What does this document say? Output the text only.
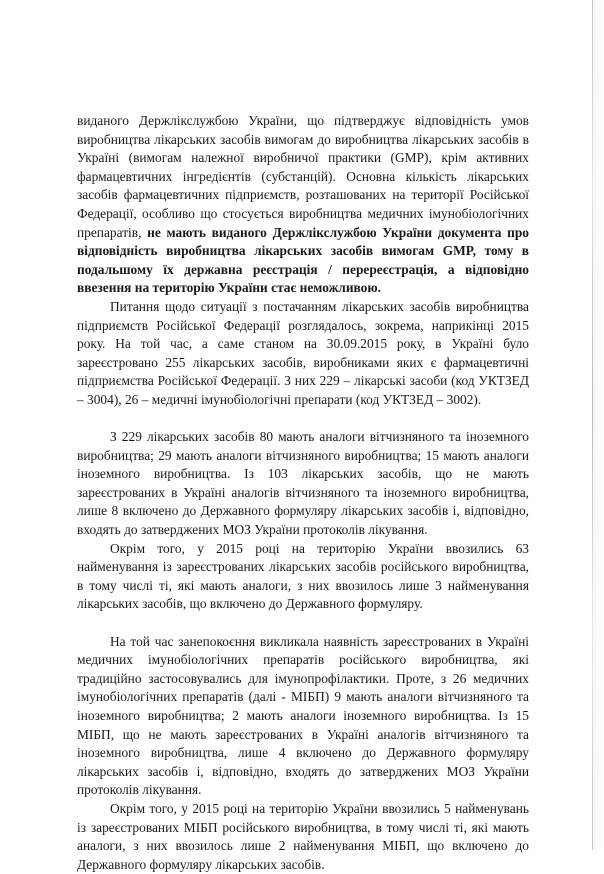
виданого Держлікслужбою України, що підтверджує відповідність умов виробництва лікарських засобів вимогам до виробництва лікарських засобів в Україні (вимогам належної виробничої практики (GMP), крім активних фармацевтичних інгредієнтів (субстанцій). Основна кількість лікарських засобів фармацевтичних підприємств, розташованих на території Російської Федерації, особливо що стосується виробництва медичних імунобіологічних препаратів, не мають виданого Держлікслужбою України документа про відповідність виробництва лікарських засобів вимогам GMP, тому в подальшому їх державна реєстрація / перереєстрація, а відповідно ввезення на територію України стає неможливою.

Питання щодо ситуації з постачанням лікарських засобів виробництва підприємств Російської Федерації розглядалось, зокрема, наприкінці 2015 року. На той час, а саме станом на 30.09.2015 року, в Україні було зареєстровано 255 лікарських засобів, виробниками яких є фармацевтичні підприємства Російської Федерації. З них 229 – лікарські засоби (код УКТЗЕД – 3004), 26 – медичні імунобіологічні препарати (код УКТЗЕД – 3002).

З 229 лікарських засобів 80 мають аналоги вітчизняного та іноземного виробництва; 29 мають аналоги вітчизняного виробництва; 15 мають аналоги іноземного виробництва. Із 103 лікарських засобів, що не мають зареєстрованих в Україні аналогів вітчизняного та іноземного виробництва, лише 8 включено до Державного формуляру лікарських засобів і, відповідно, входять до затверджених МОЗ України протоколів лікування.

Окрім того, у 2015 році на територію України ввозились 63 найменування із зареєстрованих лікарських засобів російського виробництва, в тому числі ті, які мають аналоги, з них ввозилось лише 3 найменування лікарських засобів, що включено до Державного формуляру.

На той час занепокоєння викликала наявність зареєстрованих в Україні медичних імунобіологічних препаратів російського виробництва, які традиційно застосовувались для імунопрофілактики. Проте, з 26 медичних імунобіологічних препаратів (далі - МІБП) 9 мають аналоги вітчизняного та іноземного виробництва; 2 мають аналоги іноземного виробництва. Із 15 МІБП, що не мають зареєстрованих в Україні аналогів вітчизняного та іноземного виробництва, лише 4 включено до Державного формуляру лікарських засобів і, відповідно, входять до затверджених МОЗ України протоколів лікування.

Окрім того, у 2015 році на територію України ввозились 5 найменувань із зареєстрованих МІБП російського виробництва, в тому числі ті, які мають аналоги, з них ввозилось лише 2 найменування МІБП, що включено до Державного формуляру лікарських засобів.
